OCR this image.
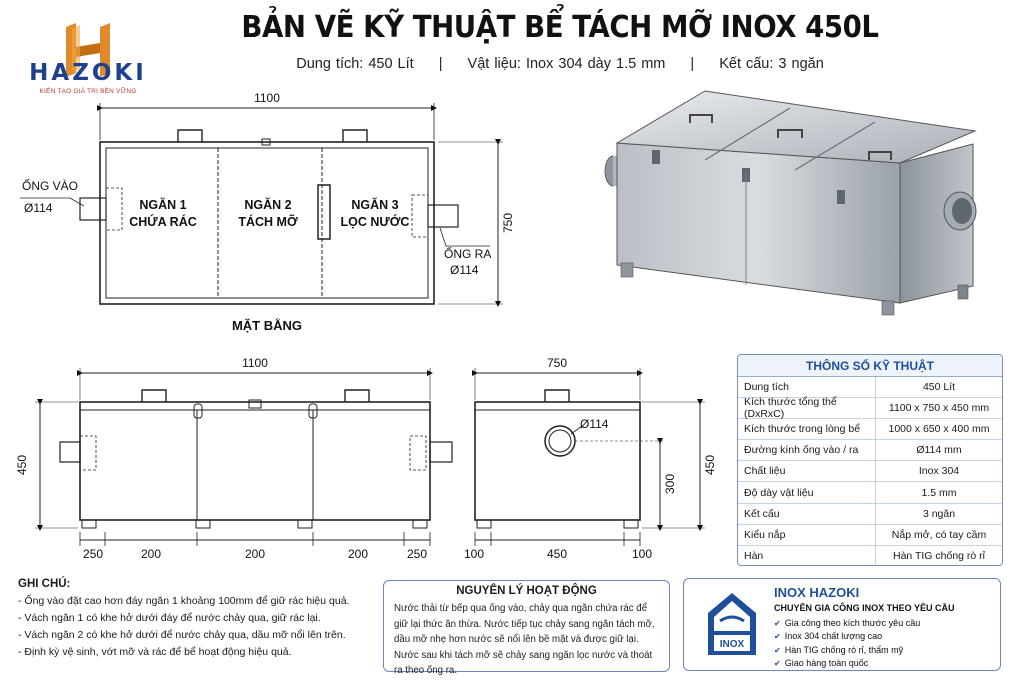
HAZOKI
KIẾN TẠO GIÁ TRỊ BỀN VỮNG
BẢN VẼ KỸ THUẬT BỂ TÁCH MỠ INOX 450L
Dung tích: 450 Lít | Vật liệu: Inox 304 dày 1.5 mm | Kết cấu: 3 ngăn
1100
750
ỐNG VÀO
Ø114
ỐNG RA
Ø114
NGĂN 1
CHỨA RÁC
NGĂN 2
TÁCH MỠ
NGĂN 3
LỌC NƯỚC
MẶT BẰNG
1100
450
250	200	200	200	250
750
Ø114
300
450
100	450	100
THÔNG SỐ KỸ THUẬT
Dung tích	450 Lít
Kích thước tổng thể (DxRxC)	1100 x 750 x 450 mm
Kích thước trong lòng bể	1000 x 650 x 400 mm
Đường kính ống vào / ra	Ø114 mm
Chất liệu	Inox 304
Độ dày vật liệu	1.5 mm
Kết cấu	3 ngăn
Kiểu nắp	Nắp mở, có tay cầm
Hàn	Hàn TIG chống rò rỉ
GHI CHÚ:
- Ống vào đặt cao hơn đáy ngăn 1 khoảng 100mm để giữ rác hiệu quả.
- Vách ngăn 1 có khe hở dưới đáy để nước chảy qua, giữ rác lại.
- Vách ngăn 2 có khe hở dưới để nước chảy qua, dầu mỡ nổi lên trên.
- Định kỳ vệ sinh, vớt mỡ và rác để bể hoạt động hiệu quả.
NGUYÊN LÝ HOẠT ĐỘNG
Nước thải từ bếp qua ống vào, chảy qua ngăn chứa rác để giữ lại thức ăn thừa. Nước tiếp tục chảy sang ngăn tách mỡ, dầu mỡ nhẹ hơn nước sẽ nổi lên bề mặt và được giữ lại. Nước sau khi tách mỡ sẽ chảy sang ngăn lọc nước và thoát ra theo ống ra.
INOX
INOX HAZOKI
CHUYÊN GIA CÔNG INOX THEO YÊU CẦU
✔ Gia công theo kích thước yêu cầu
✔ Inox 304 chất lượng cao
✔ Hàn TIG chống rò rỉ, thẩm mỹ
✔ Giao hàng toàn quốc
